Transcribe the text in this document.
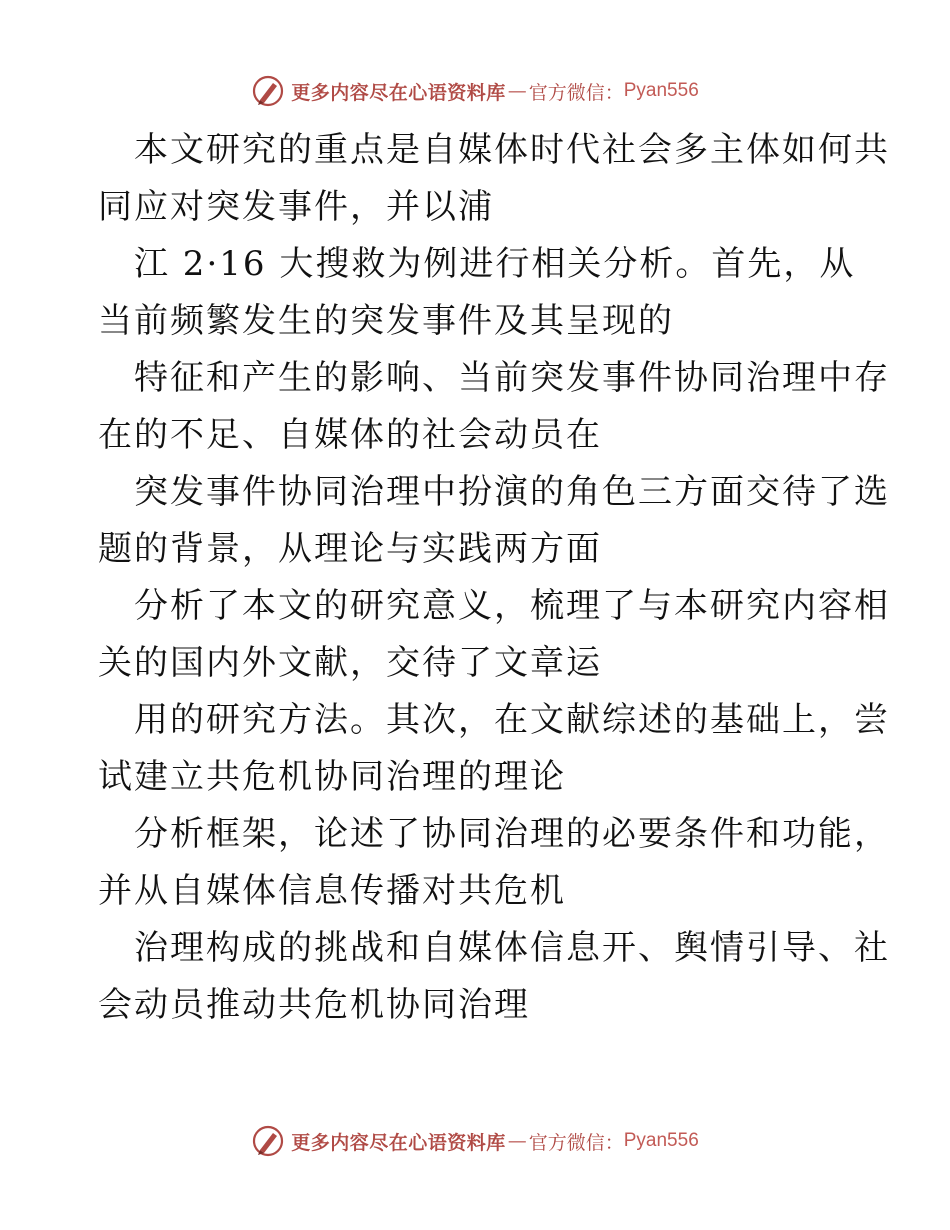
更多内容尽在心语资料库 — 官方微信： Pyan556
本文研究的重点是自媒体时代社会多主体如何共
同应对突发事件，并以浦
江 2·16 大搜救为例进行相关分析。首先，从
当前频繁发生的突发事件及其呈现的
特征和产生的影响、当前突发事件协同治理中存
在的不足、自媒体的社会动员在
突发事件协同治理中扮演的角色三方面交待了选
题的背景，从理论与实践两方面
分析了本文的研究意义，梳理了与本研究内容相
关的国内外文献，交待了文章运
用的研究方法。其次，在文献综述的基础上，尝
试建立共危机协同治理的理论
分析框架，论述了协同治理的必要条件和功能，
并从自媒体信息传播对共危机
治理构成的挑战和自媒体信息开、舆情引导、社
会动员推动共危机协同治理
更多内容尽在心语资料库 — 官方微信： Pyan556
